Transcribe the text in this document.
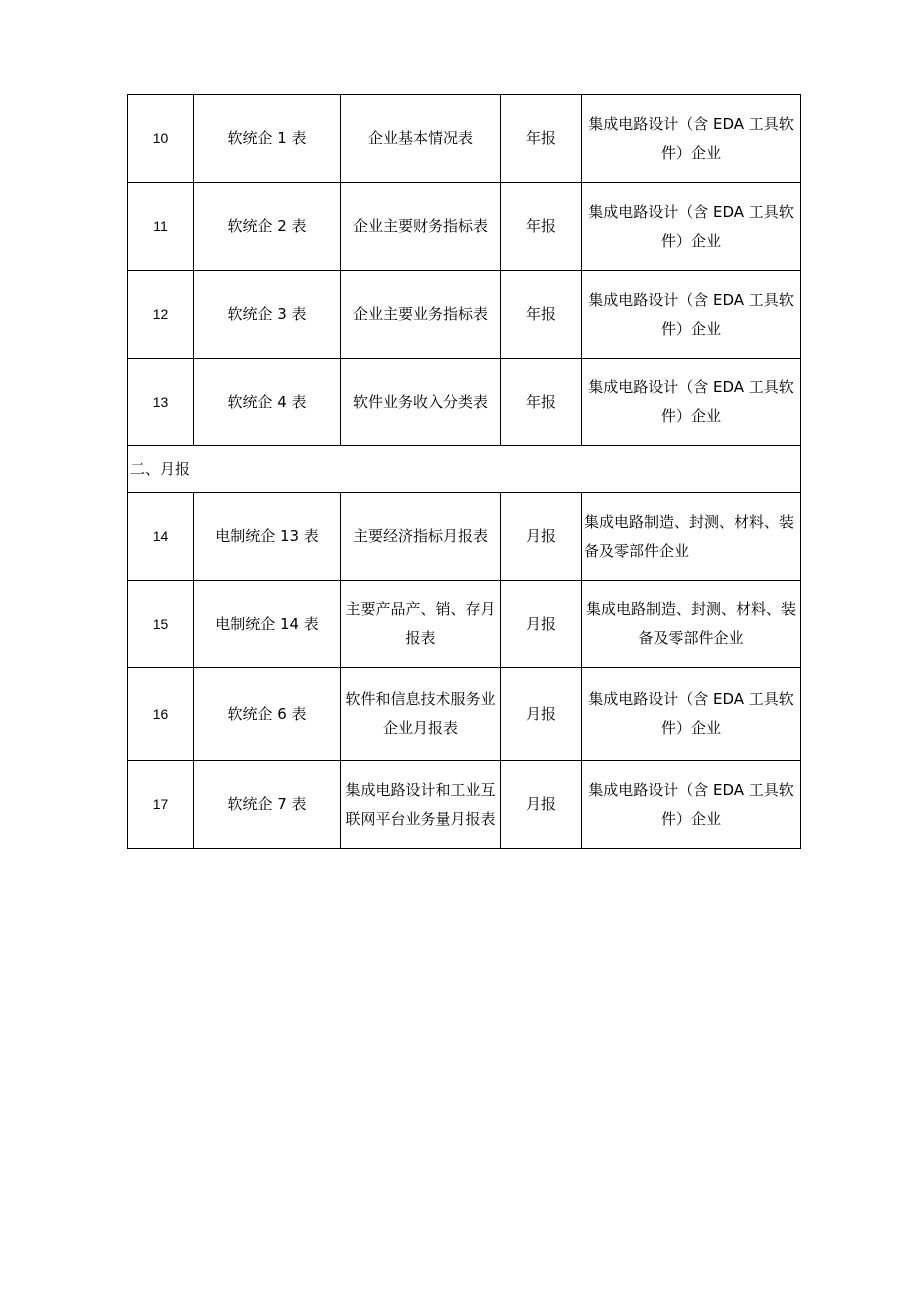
10	软统企 1 表	企业基本情况表	年报	集成电路设计（含 EDA 工具软件）企业
11	软统企 2 表	企业主要财务指标表	年报	集成电路设计（含 EDA 工具软件）企业
12	软统企 3 表	企业主要业务指标表	年报	集成电路设计（含 EDA 工具软件）企业
13	软统企 4 表	软件业务收入分类表	年报	集成电路设计（含 EDA 工具软件）企业
二、月报				
14	电制统企 13 表	主要经济指标月报表	月报	集成电路制造、封测、材料、装备及零部件企业
15	电制统企 14 表	主要产品产、销、存月报表	月报	集成电路制造、封测、材料、装备及零部件企业
16	软统企 6 表	软件和信息技术服务业企业月报表	月报	集成电路设计（含 EDA 工具软件）企业
17	软统企 7 表	集成电路设计和工业互联网平台业务量月报表	月报	集成电路设计（含 EDA 工具软件）企业
